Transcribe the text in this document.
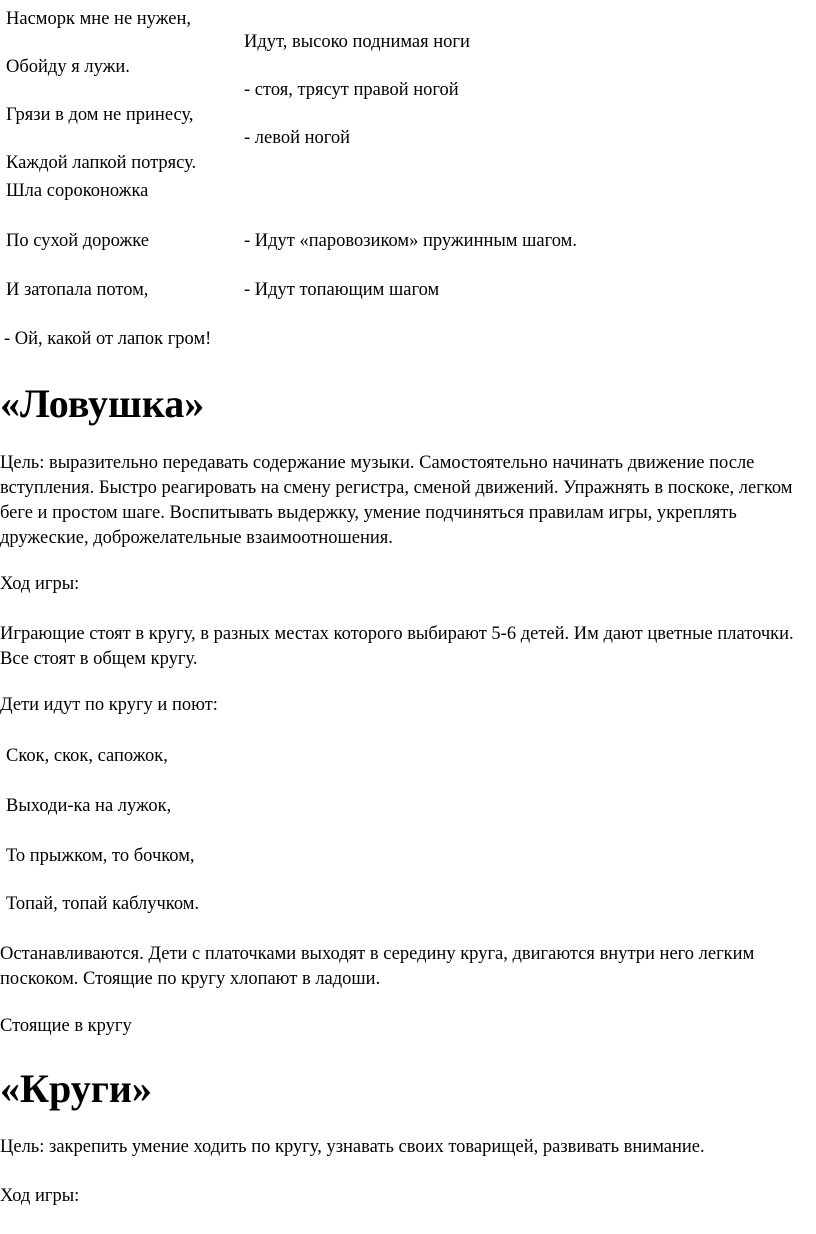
Насморк мне не нужен,
Обойду я лужи.
Грязи в дом не принесу,
Каждой лапкой потрясу.
Шла сороконожка
По сухой дорожке
И затопала потом,
- Ой, какой от лапок гром!
Идут, высоко поднимая ноги
- стоя, трясут правой ногой
- левой ногой
- Идут «паровозиком» пружинным шагом.
- Идут топающим шагом
«Ловушка»
Цель: выразительно передавать содержание музыки. Самостоятельно начинать движение после вступления. Быстро реагировать на смену регистра, сменой движений. Упражнять в поскоке, легком беге и простом шаге. Воспитывать выдержку, умение подчиняться правилам игры, укреплять дружеские, доброжелательные взаимоотношения.
Ход игры:
Играющие стоят в кругу, в разных местах которого выбирают 5-6 детей. Им дают цветные платочки. Все стоят в общем кругу.
Дети идут по кругу и поют:
Скок, скок, сапожок,
Выходи-ка на лужок,
То прыжком, то бочком,
Топай, топай каблучком.
Останавливаются. Дети с платочками выходят в середину круга, двигаются внутри него легким поскоком. Стоящие по кругу хлопают в ладоши.
Стоящие в кругу
«Круги»
Цель: закрепить умение ходить по кругу, узнавать своих товарищей, развивать внимание.
Ход игры:
